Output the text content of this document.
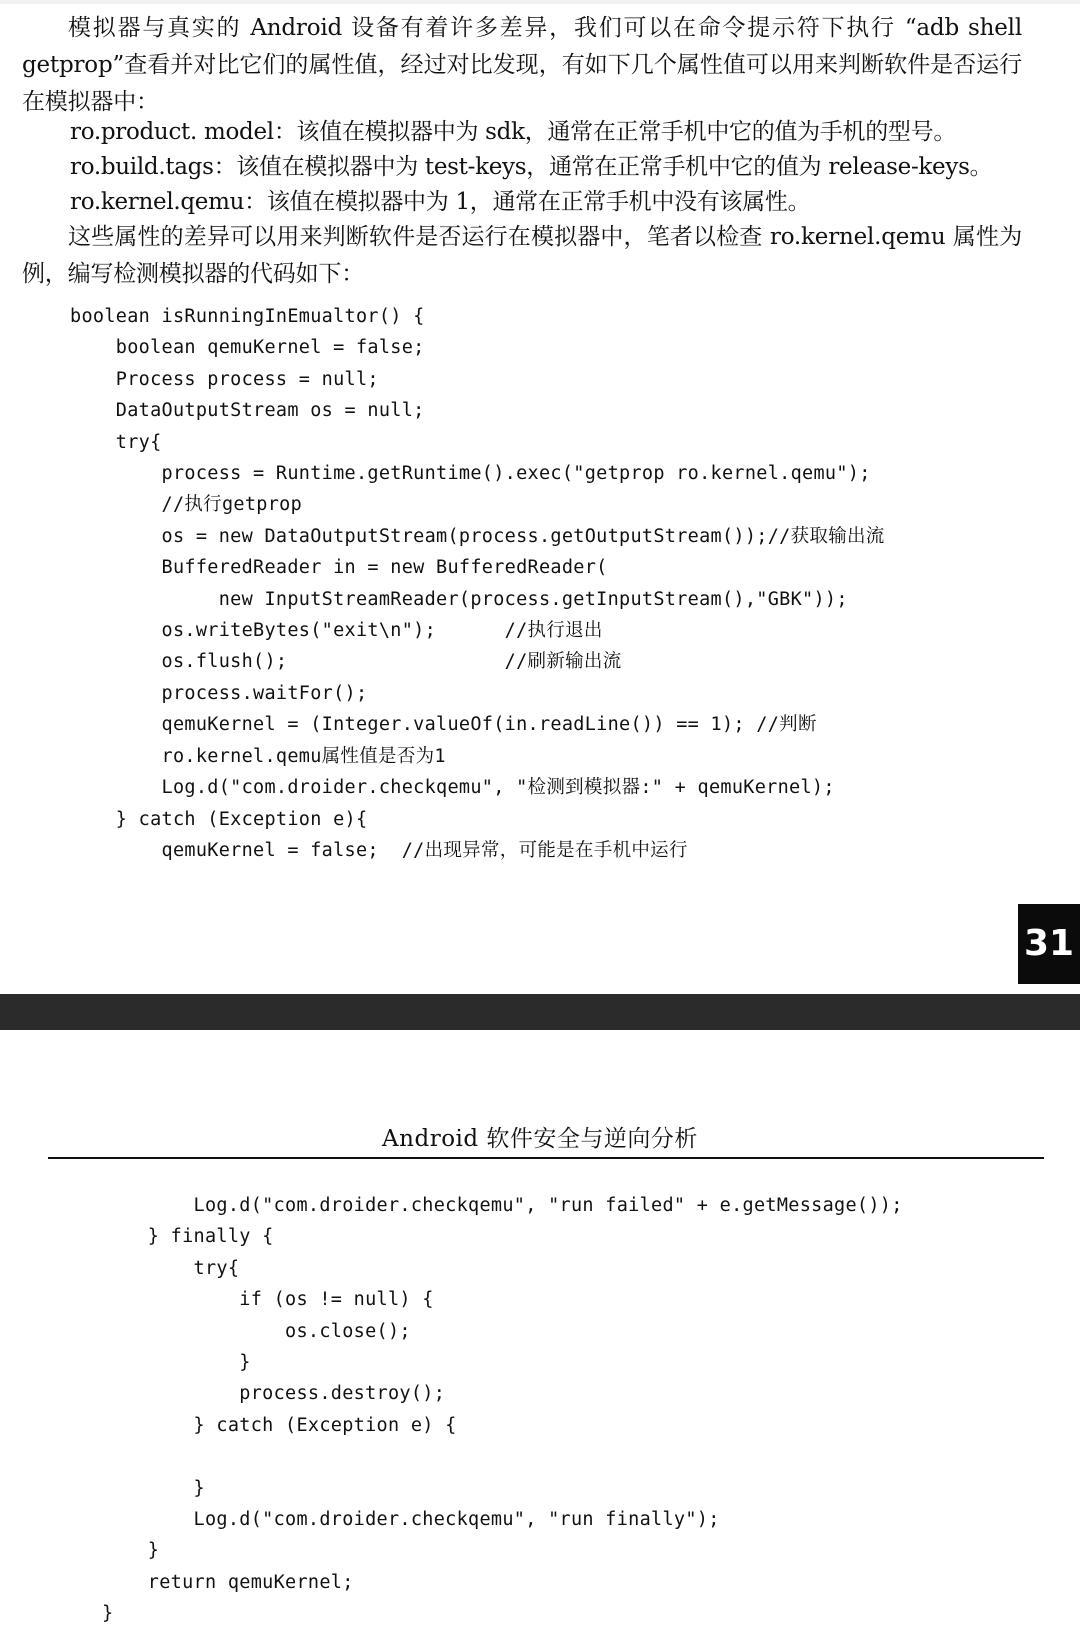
模拟器与真实的 Android 设备有着许多差异，我们可以在命令提示符下执行 “adb shell getprop”查看并对比它们的属性值，经过对比发现，有如下几个属性值可以用来判断软件是否运行在模拟器中：

ro.product. model：该值在模拟器中为 sdk，通常在正常手机中它的值为手机的型号。

ro.build.tags：该值在模拟器中为 test-keys，通常在正常手机中它的值为 release-keys。

ro.kernel.qemu：该值在模拟器中为 1，通常在正常手机中没有该属性。

这些属性的差异可以用来判断软件是否运行在模拟器中，笔者以检查 ro.kernel.qemu 属性为例，编写检测模拟器的代码如下：

boolean isRunningInEmualtor() {
boolean qemuKernel = false;
Process process = null;
DataOutputStream os = null;
try{
process = Runtime.getRuntime().exec("getprop ro.kernel.qemu");
//执行getprop
os = new DataOutputStream(process.getOutputStream());//获取输出流
BufferedReader in = new BufferedReader(
new InputStreamReader(process.getInputStream(),"GBK"));
os.writeBytes("exit\n");      //执行退出
os.flush();                   //刷新输出流
process.waitFor();
qemuKernel = (Integer.valueOf(in.readLine()) == 1); //判断
ro.kernel.qemu属性值是否为1
Log.d("com.droider.checkqemu", "检测到模拟器:" + qemuKernel);
} catch (Exception e){
qemuKernel = false;  //出现异常，可能是在手机中运行
31
Android 软件安全与逆向分析
Log.d("com.droider.checkqemu", "run failed" + e.getMessage());
} finally {
try{
if (os != null) {
os.close();
}
process.destroy();
} catch (Exception e) {

}
Log.d("com.droider.checkqemu", "run finally");
}
return qemuKernel;
}
